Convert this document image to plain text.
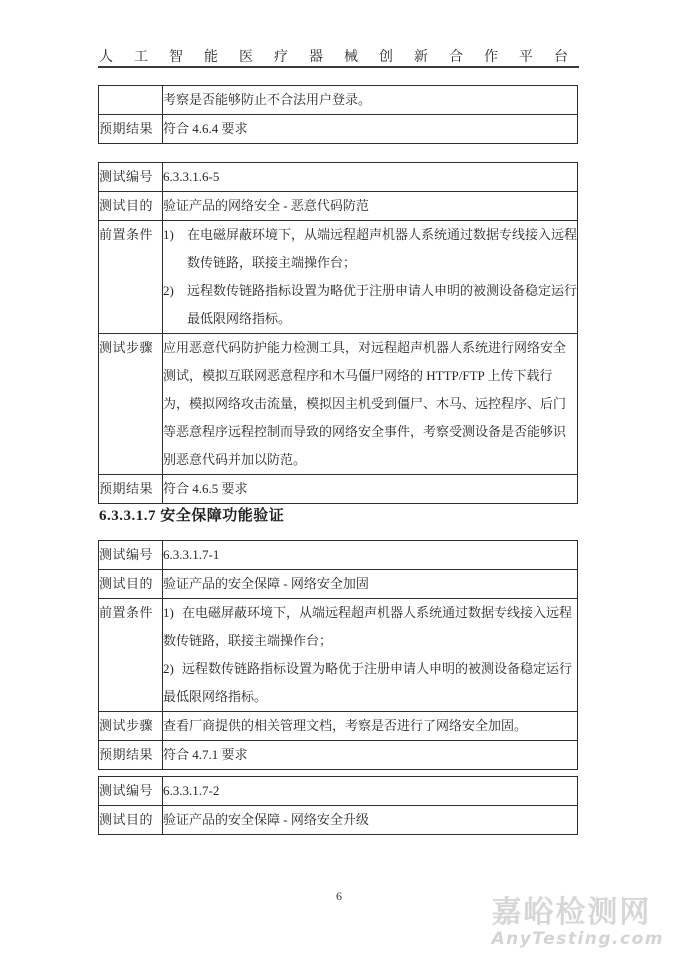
人工智能医疗器械创新合作平台
	考察是否能够防止不合法用户登录。
预期结果	符合 4.6.4 要求
测试编号	6.3.3.1.6-5
测试目的	验证产品的网络安全 - 恶意代码防范
前置条件	1) 在电磁屏蔽环境下，从端远程超声机器人系统通过数据专线接入远程数传链路，联接主端操作台；

2) 远程数传链路指标设置为略优于注册申请人申明的被测设备稳定运行最低限网络指标。

测试步骤	应用恶意代码防护能力检测工具，对远程超声机器人系统进行网络安全测试，模拟互联网恶意程序和木马僵尸网络的 HTTP/FTP 上传下载行为，模拟网络攻击流量，模拟因主机受到僵尸、木马、远控程序、后门等恶意程序远程控制而导致的网络安全事件，考察受测设备是否能够识别恶意代码并加以防范。
预期结果	符合 4.6.5 要求
6.3.3.1.7 安全保障功能验证
测试编号	6.3.3.1.7-1
测试目的	验证产品的安全保障 - 网络安全加固
前置条件	1) 在电磁屏蔽环境下，从端远程超声机器人系统通过数据专线接入远程数传链路，联接主端操作台；

2) 远程数传链路指标设置为略优于注册申请人申明的被测设备稳定运行最低限网络指标。

测试步骤	查看厂商提供的相关管理文档，考察是否进行了网络安全加固。
预期结果	符合 4.7.1 要求
测试编号	6.3.3.1.7-2
测试目的	验证产品的安全保障 - 网络安全升级
6	嘉峪检测网
AnyTesting.com
